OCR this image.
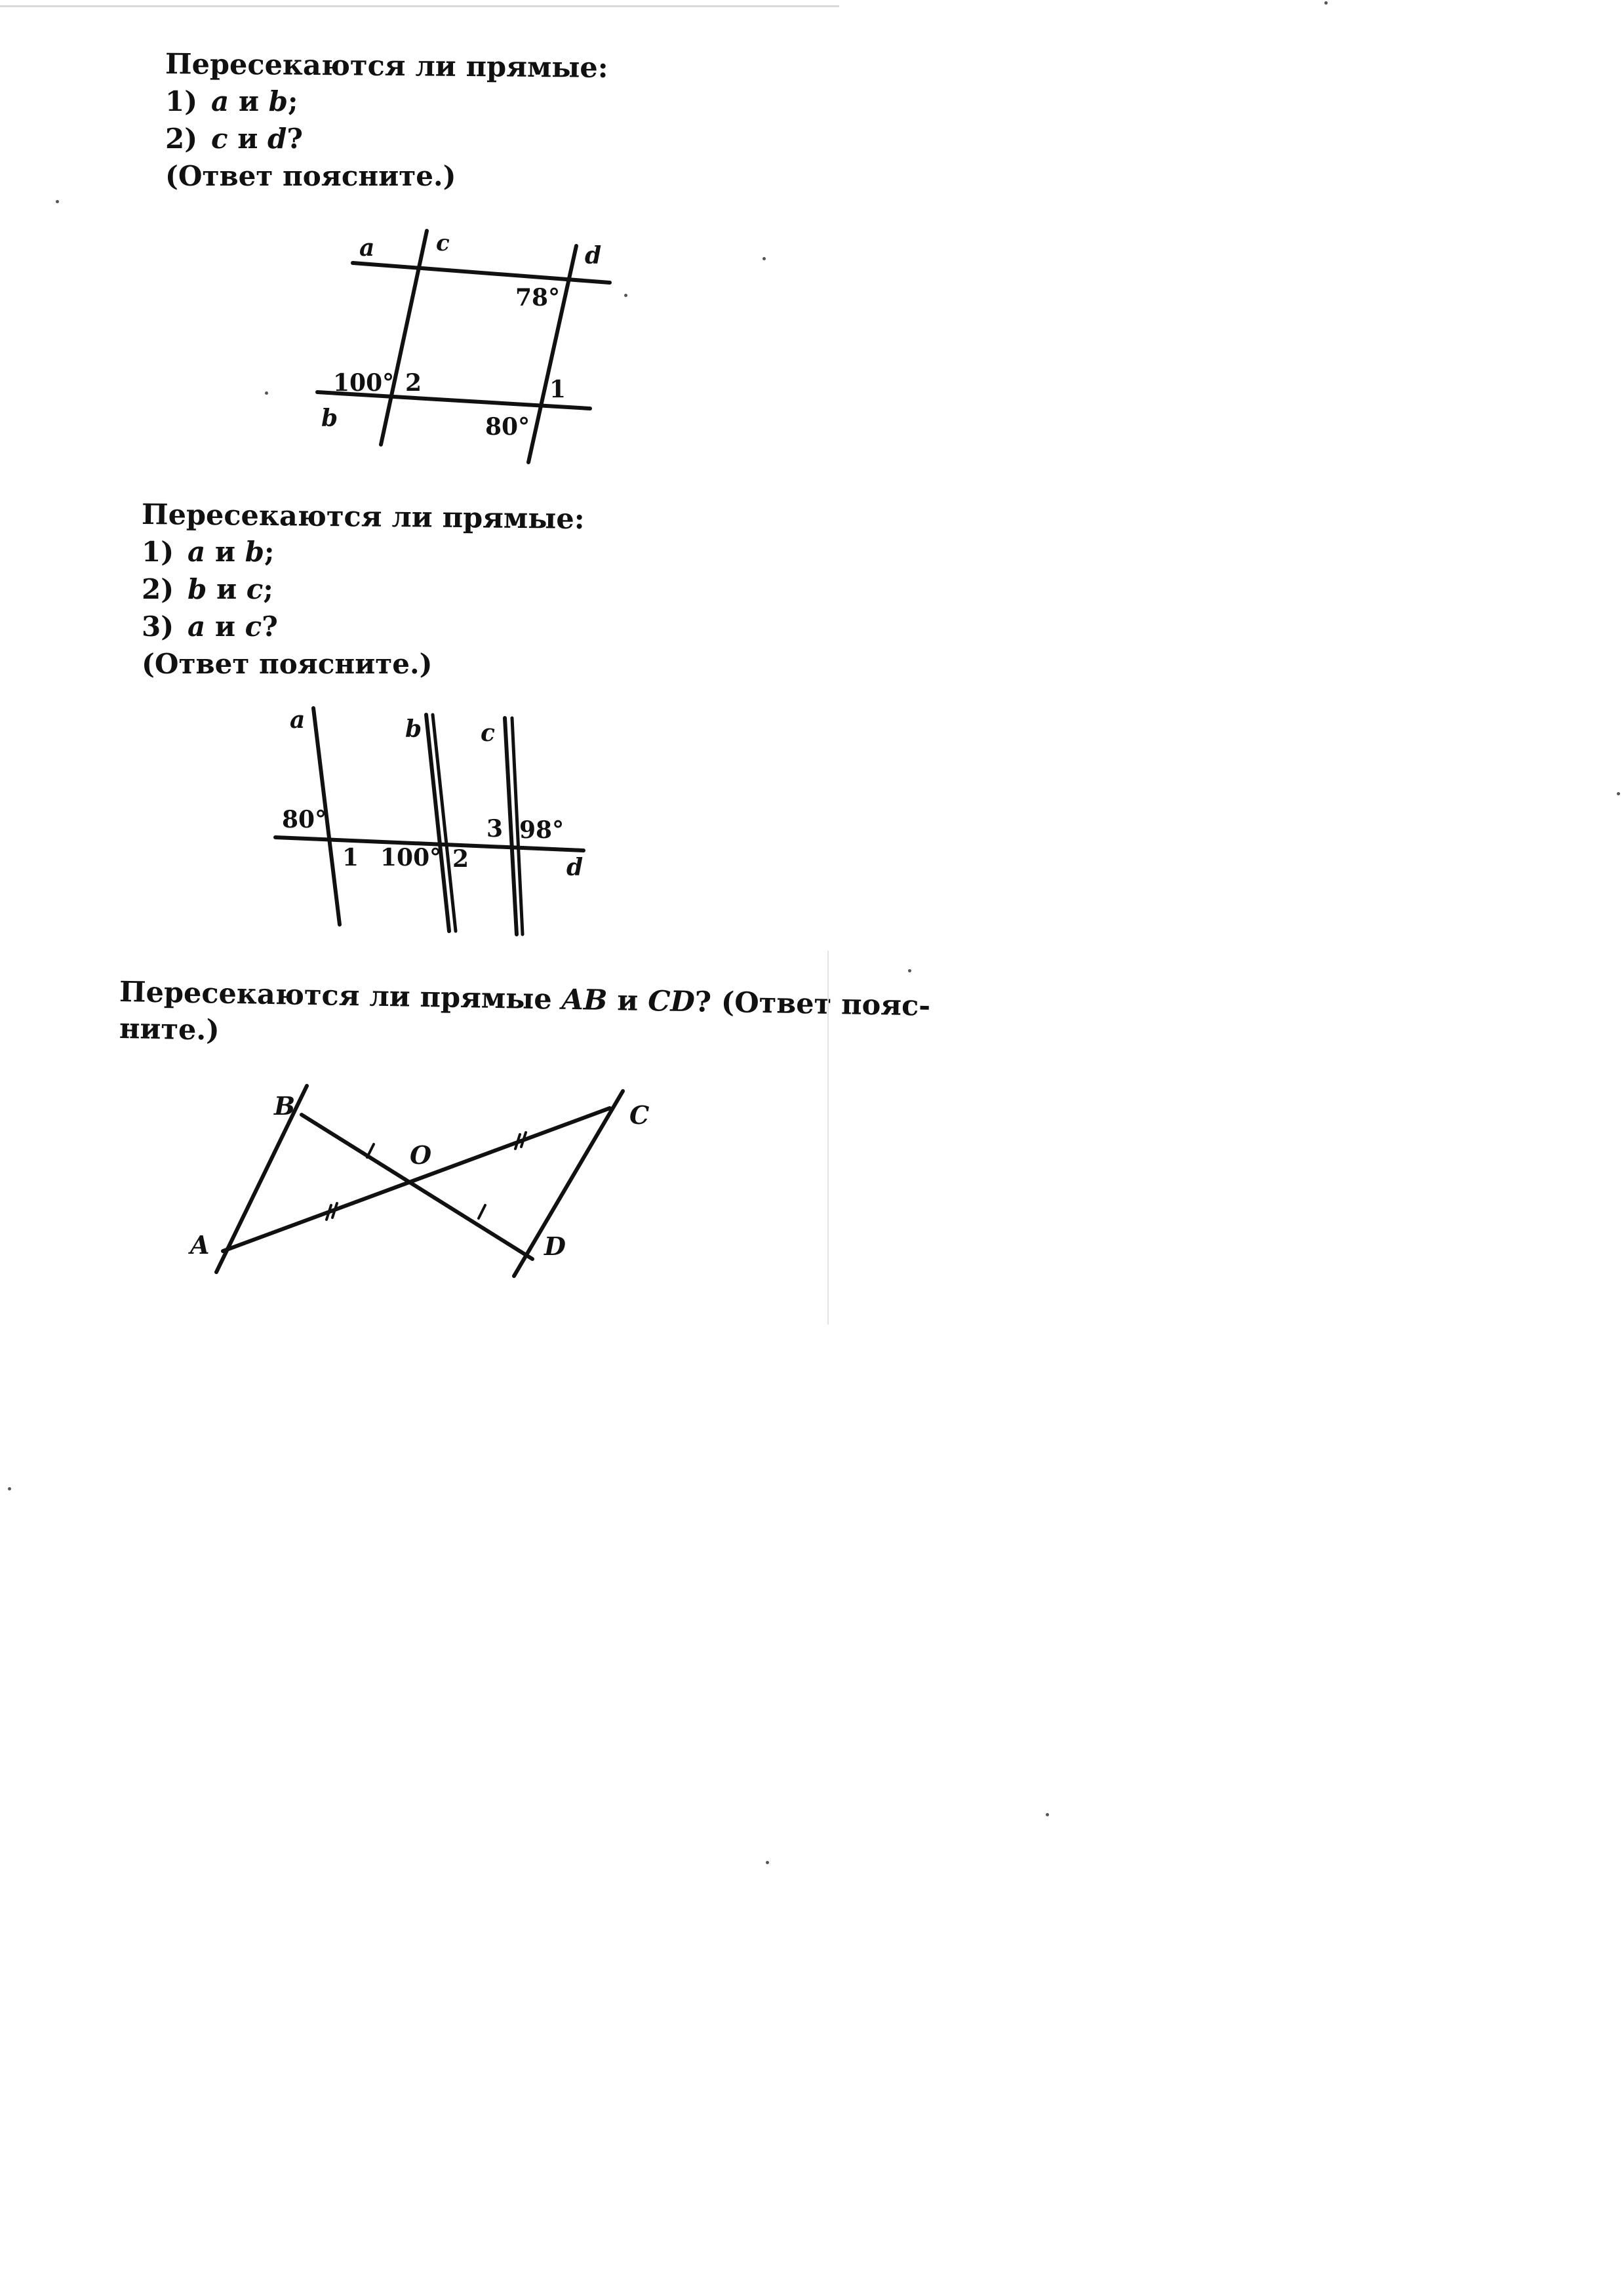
Пересекаются ли прямые:
1) a и b;
2) c и d?
(Ответ поясните.)
a	c	d
b
78°
100° 2
80°
1
Пересекаются ли прямые:
1) a и b;
2) b и c;
3) a и c?
(Ответ поясните.)
a	b c
d
80°
1 100° 2
3 98°
Пересекаются ли прямые AB и CD? (Ответ пояс-
ните.)
B
O
C
A	D
